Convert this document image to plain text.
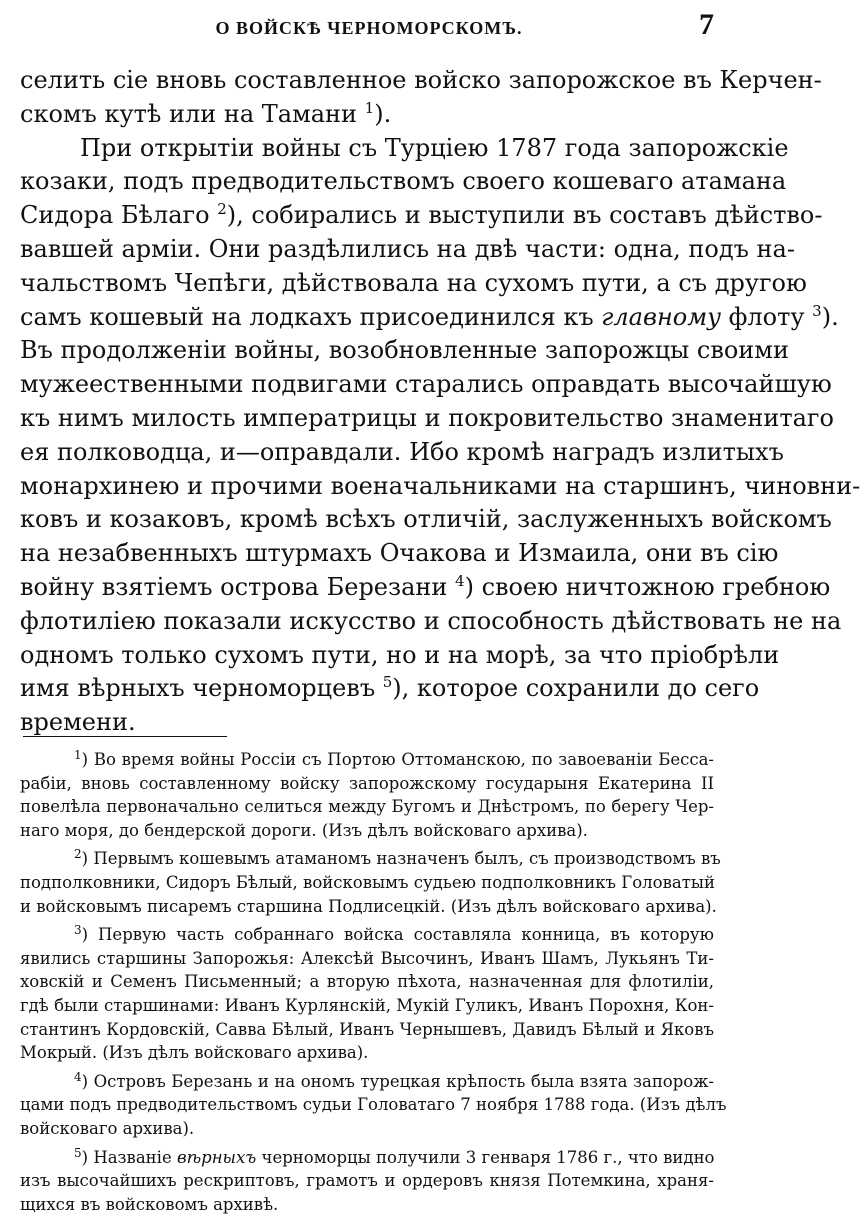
О ВОЙСКѢ ЧЕРНОМОРСКОМЪ.	7
селить сіе вновь составленное войско запорожское въ Керчен-
скомъ кутѣ или на Тамани $^1$).
При открытіи войны съ Турціею 1787 года запорожскіе
козаки, подъ предводительствомъ своего кошеваго атамана
Сидора Бѣлаго $^2$), собирались и выступили въ составъ дѣйство-
вавшей арміи. Они раздѣлились на двѣ части: одна, подъ на-
чальствомъ Чепѣги, дѣйствовала на сухомъ пути, а съ другою
самъ кошевый на лодкахъ присоединился къ главному флоту $^3$).
Въ продолженіи войны, возобновленные запорожцы своими
мужеественными подвигами старались оправдать высочайшую
къ нимъ милость императрицы и покровительство знаменитаго
ея полководца, и—оправдали. Ибо кромѣ наградъ излитыхъ
монархинею и прочими военачальниками на старшинъ, чиновни-
ковъ и козаковъ, кромѣ всѣхъ отличій, заслуженныхъ войскомъ
на незабвенныхъ штурмахъ Очакова и Измаила, они въ сію
войну взятіемъ острова Березани $^4$) своею ничтожною гребною
флотиліею показали искусство и способность дѣйствовать не на
одномъ только сухомъ пути, но и на морѣ, за что пріобрѣли
имя вѣрныхъ черноморцевъ $^5$), которое сохранили до сего
времени.
$^1$) Во время войны Россіи съ Портою Оттоманскою, по завоеваніи Бесса-
рабіи, вновь составленному войску запорожскому государыня Екатерина II
повелѣла первоначально селиться между Бугомъ и Днѣстромъ, по берегу Чер-
наго моря, до бендерской дороги. (Изъ дѣлъ войсковаго архива).
$^2$) Первымъ кошевымъ атаманомъ назначенъ былъ, съ производствомъ въ
подполковники, Сидоръ Бѣлый, войсковымъ судьею подполковникъ Головатый
и войсковымъ писаремъ старшина Подлисецкій. (Изъ дѣлъ войсковаго архива).
$^3$) Первую часть собраннаго войска составляла конница, въ которую
явились старшины Запорожья: Алексѣй Высочинъ, Иванъ Шамъ, Лукьянъ Ти-
ховскій и Семенъ Письменный; а вторую пѣхота, назначенная для флотиліи,
гдѣ были старшинами: Иванъ Курлянскій, Мукій Гуликъ, Иванъ Порохня, Кон-
стантинъ Кордовскій, Савва Бѣлый, Иванъ Чернышевъ, Давидъ Бѣлый и Яковъ
Мокрый. (Изъ дѣлъ войсковаго архива).
$^4$) Островъ Березань и на ономъ турецкая крѣпость была взята запорож-
цами подъ предводительствомъ судьи Головатаго 7 ноября 1788 года. (Изъ дѣлъ
войсковаго архива).
$^5$) Названіе вѣрныхъ черноморцы получили 3 генваря 1786 г., что видно
изъ высочайшихъ рескриптовъ, грамотъ и ордеровъ князя Потемкина, храня-
щихся въ войсковомъ архивѣ.
